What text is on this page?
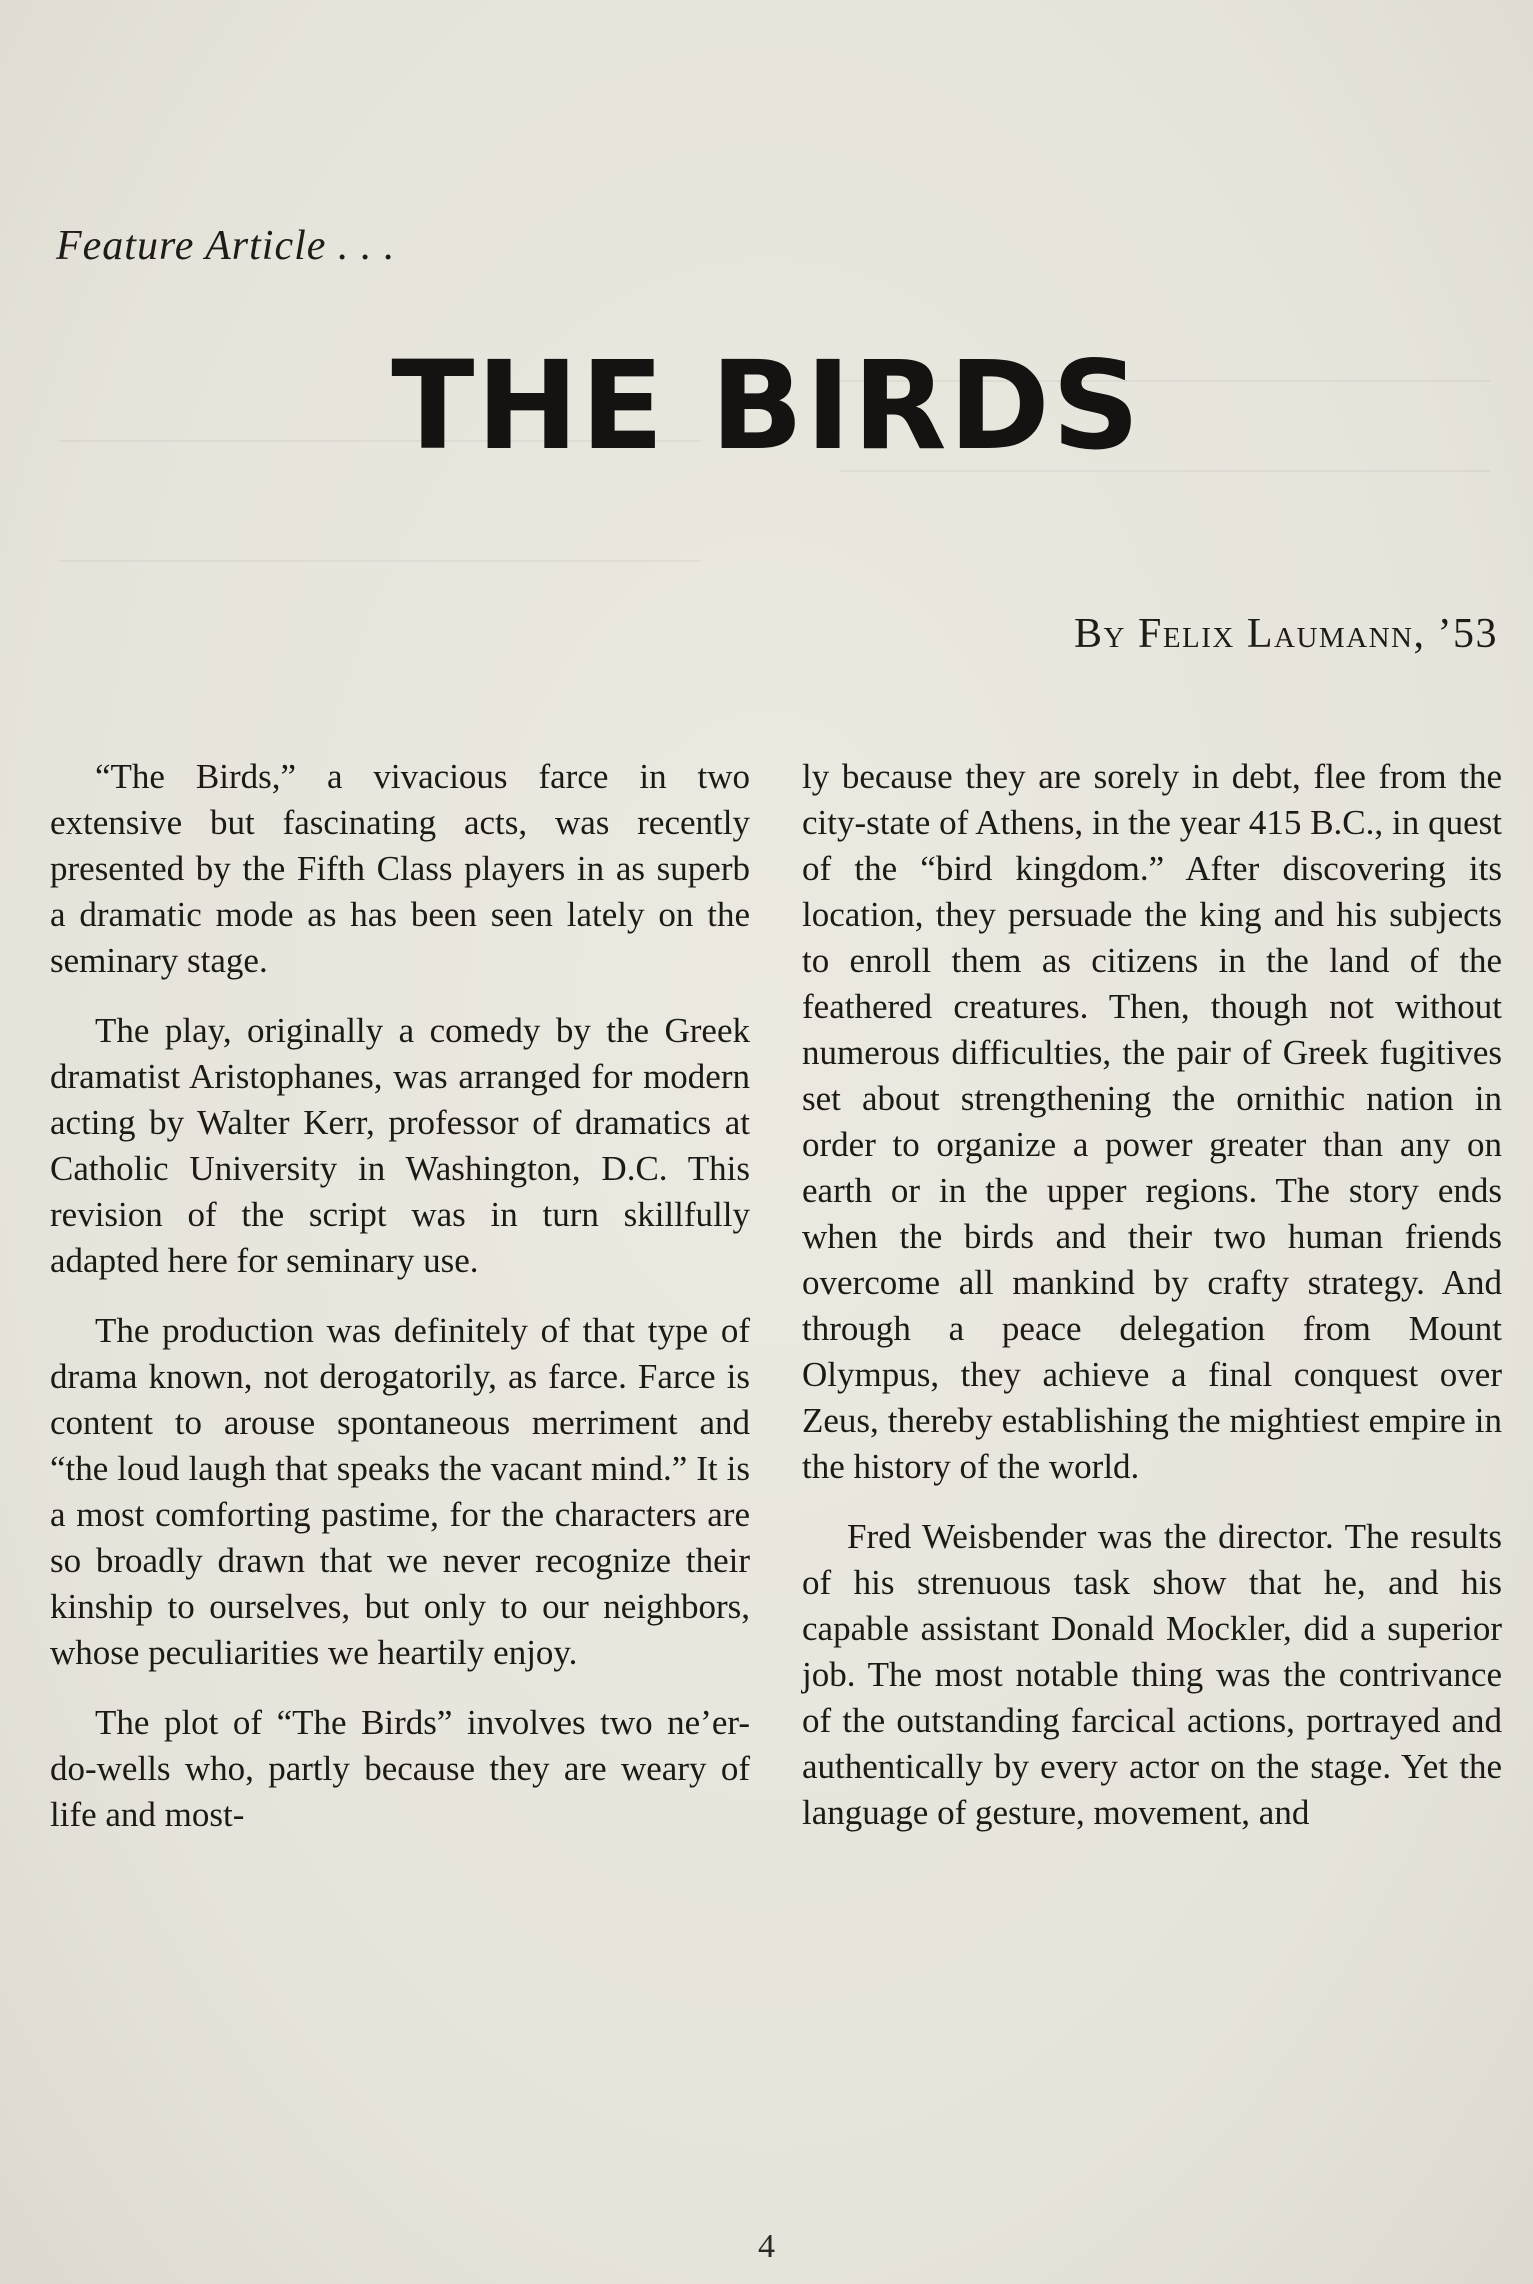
Feature Article . . .
THE BIRDS
By Felix Laumann, ’53

“The Birds,” a vivacious farce in two extensive but fascinating acts, was recently presented by the Fifth Class players in as superb a dramatic mode as has been seen lately on the seminary stage.

The play, originally a comedy by the Greek dramatist Aristophanes, was arranged for modern acting by Walter Kerr, professor of dramatics at Catholic University in Washington, D.C. This revision of the script was in turn skillfully adapted here for seminary use.

The production was definitely of that type of drama known, not derogatorily, as farce. Farce is content to arouse spontaneous merriment and “the loud laugh that speaks the vacant mind.” It is a most comforting pastime, for the characters are so broadly drawn that we never recognize their kinship to ourselves, but only to our neighbors, whose peculiarities we heartily enjoy.

The plot of “The Birds” involves two ne’er-do-wells who, partly because they are weary of life and most-

ly because they are sorely in debt, flee from the city-state of Athens, in the year 415 B.C., in quest of the “bird kingdom.” After discovering its location, they persuade the king and his subjects to enroll them as citizens in the land of the feathered creatures. Then, though not without numerous difficulties, the pair of Greek fugitives set about strengthening the ornithic nation in order to organize a power greater than any on earth or in the upper regions. The story ends when the birds and their two human friends overcome all mankind by crafty strategy. And through a peace delegation from Mount Olympus, they achieve a final conquest over Zeus, thereby establishing the mightiest empire in the history of the world.

Fred Weisbender was the director. The results of his strenuous task show that he, and his capable assistant Donald Mockler, did a superior job. The most notable thing was the contrivance of the outstanding farcical actions, portrayed and authentically by every actor on the stage. Yet the language of gesture, movement, and

4
